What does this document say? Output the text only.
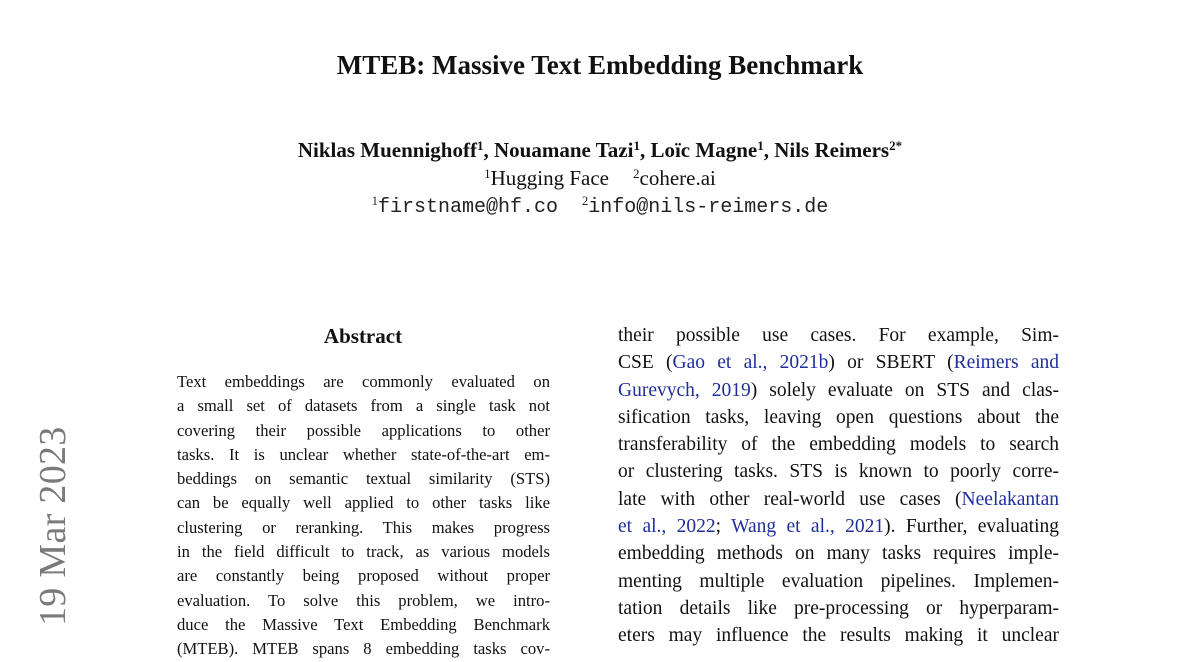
19 Mar 2023
MTEB: Massive Text Embedding Benchmark
Niklas Muennighoff$^1$, Nouamane Tazi$^1$, Loïc Magne$^1$, Nils Reimers$^{2*}$
$^1$Hugging Face $^2$cohere.ai
$^1$firstname@hf.co $^2$info@nils-reimers.de
Abstract
Text embeddings are commonly evaluated on
a small set of datasets from a single task not
covering their possible applications to other
tasks. It is unclear whether state-of-the-art em-
beddings on semantic textual similarity (STS)
can be equally well applied to other tasks like
clustering or reranking. This makes progress
in the field difficult to track, as various models
are constantly being proposed without proper
evaluation. To solve this problem, we intro-
duce the Massive Text Embedding Benchmark
(MTEB). MTEB spans 8 embedding tasks cov-
their possible use cases. For example, Sim-
CSE (Gao et al., 2021b) or SBERT (Reimers and
Gurevych, 2019) solely evaluate on STS and clas-
sification tasks, leaving open questions about the
transferability of the embedding models to search
or clustering tasks. STS is known to poorly corre-
late with other real-world use cases (Neelakantan
et al., 2022; Wang et al., 2021). Further, evaluating
embedding methods on many tasks requires imple-
menting multiple evaluation pipelines. Implemen-
tation details like pre-processing or hyperparam-
eters may influence the results making it unclear
